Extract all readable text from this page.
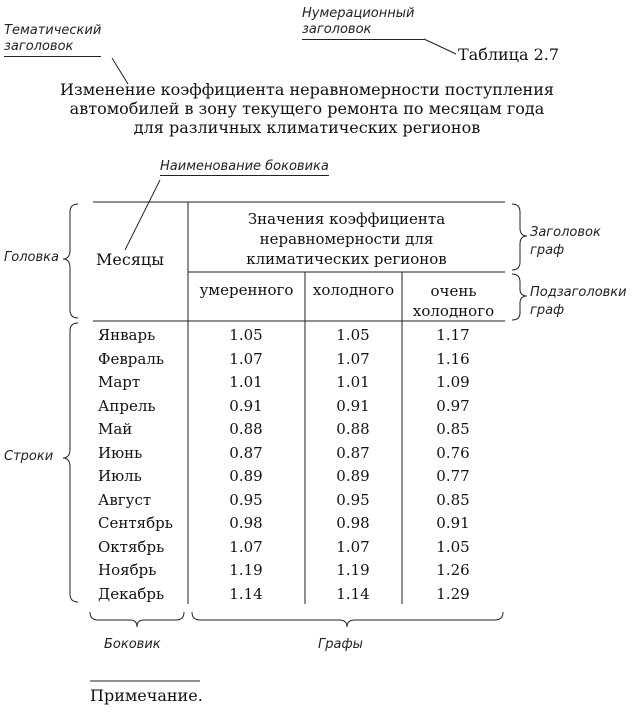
Тематический
заголовок
Нумерационный
заголовок
Таблица 2.7
Изменение коэффициента неравномерности поступления
автомобилей в зону текущего ремонта по месяцам года
для различных климатических регионов
Наименование боковика
Головка
Строки
Заголовок
граф
Подзаголовки
граф
Боковик	Графы
Месяцы
Значения коэффициента
неравномерности для
климатических регионов
умеренного	холодного	очень
холодного
Январь	1.05	1.05	1.17
Февраль	1.07	1.07	1.16
Март	1.01	1.01	1.09
Апрель	0.91	0.91	0.97
Май	0.88	0.88	0.85
Июнь	0.87	0.87	0.76
Июль	0.89	0.89	0.77
Август	0.95	0.95	0.85
Сентябрь	0.98	0.98	0.91
Октябрь	1.07	1.07	1.05
Ноябрь	1.19	1.19	1.26
Декабрь	1.14	1.14	1.29
Примечание.
